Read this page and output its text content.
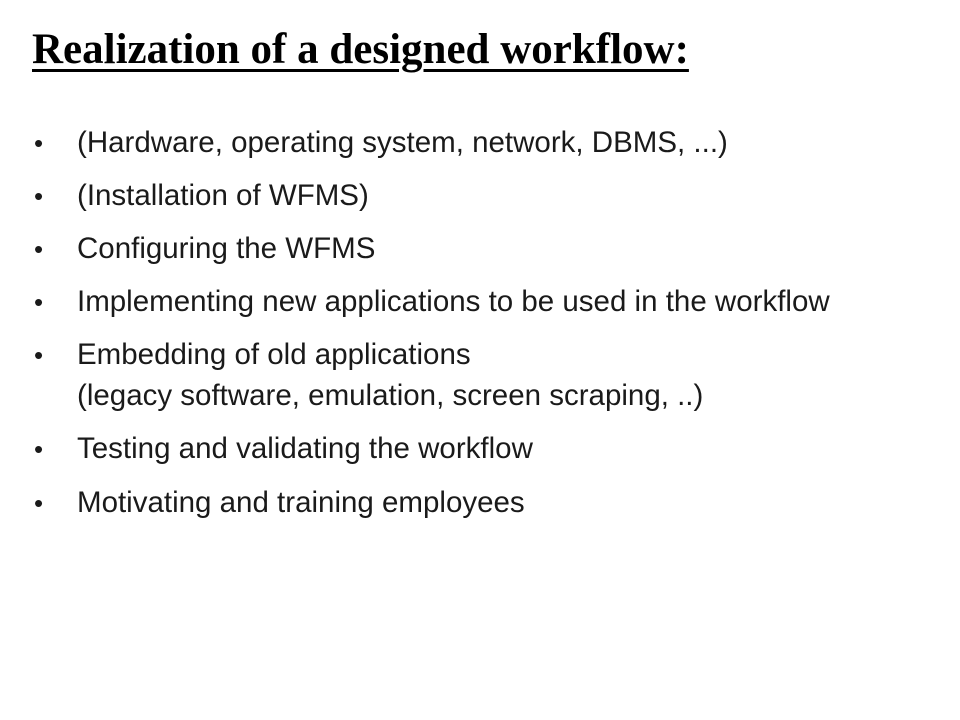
Realization of a designed workflow:
• (Hardware, operating system, network, DBMS, ...)
• (Installation of WFMS)
• Configuring the WFMS
• Implementing new applications to be used in the workflow
• Embedding of old applications
(legacy software, emulation, screen scraping, ..)
• Testing and validating the workflow
• Motivating and training employees
